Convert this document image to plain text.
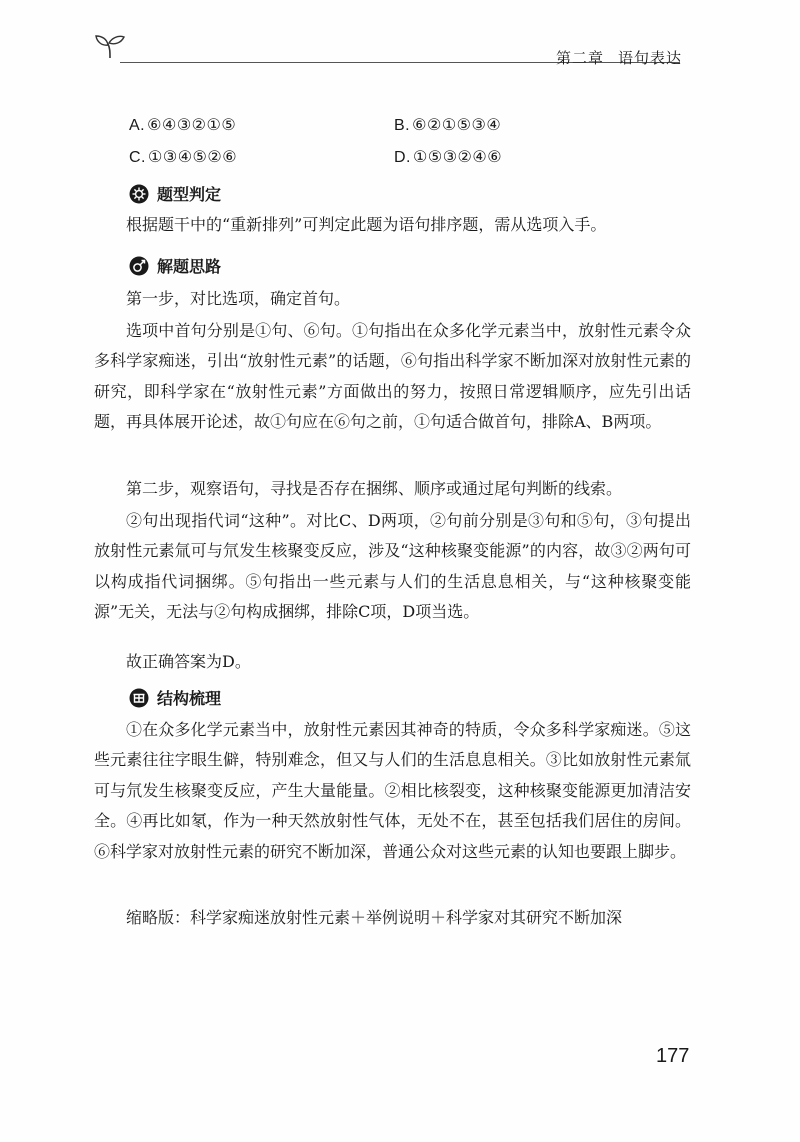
第二章 语句表达
A. ⑥④③②①⑤	B. ⑥②①⑤③④
C. ①③④⑤②⑥	D. ①⑤③②④⑥
题型判定
根据题干中的“重新排列”可判定此题为语句排序题，需从选项入手。
解题思路
第一步，对比选项，确定首句。
选项中首句分别是①句、⑥句。①句指出在众多化学元素当中，放射性元素令众多科学家痴迷，引出“放射性元素”的话题，⑥句指出科学家不断加深对放射性元素的研究，即科学家在“放射性元素”方面做出的努力，按照日常逻辑顺序，应先引出话题，再具体展开论述，故①句应在⑥句之前，①句适合做首句，排除A、B两项。
第二步，观察语句，寻找是否存在捆绑、顺序或通过尾句判断的线索。
②句出现指代词“这种”。对比C、D两项，②句前分别是③句和⑤句，③句提出放射性元素氚可与氘发生核聚变反应，涉及“这种核聚变能源”的内容，故③②两句可以构成指代词捆绑。⑤句指出一些元素与人们的生活息息相关，与“这种核聚变能源”无关，无法与②句构成捆绑，排除C项，D项当选。
故正确答案为D。
结构梳理
①在众多化学元素当中，放射性元素因其神奇的特质，令众多科学家痴迷。⑤这些元素往往字眼生僻，特别难念，但又与人们的生活息息相关。③比如放射性元素氚可与氘发生核聚变反应，产生大量能量。②相比核裂变，这种核聚变能源更加清洁安全。④再比如氡，作为一种天然放射性气体，无处不在，甚至包括我们居住的房间。⑥科学家对放射性元素的研究不断加深，普通公众对这些元素的认知也要跟上脚步。
缩略版：科学家痴迷放射性元素＋举例说明＋科学家对其研究不断加深
177
